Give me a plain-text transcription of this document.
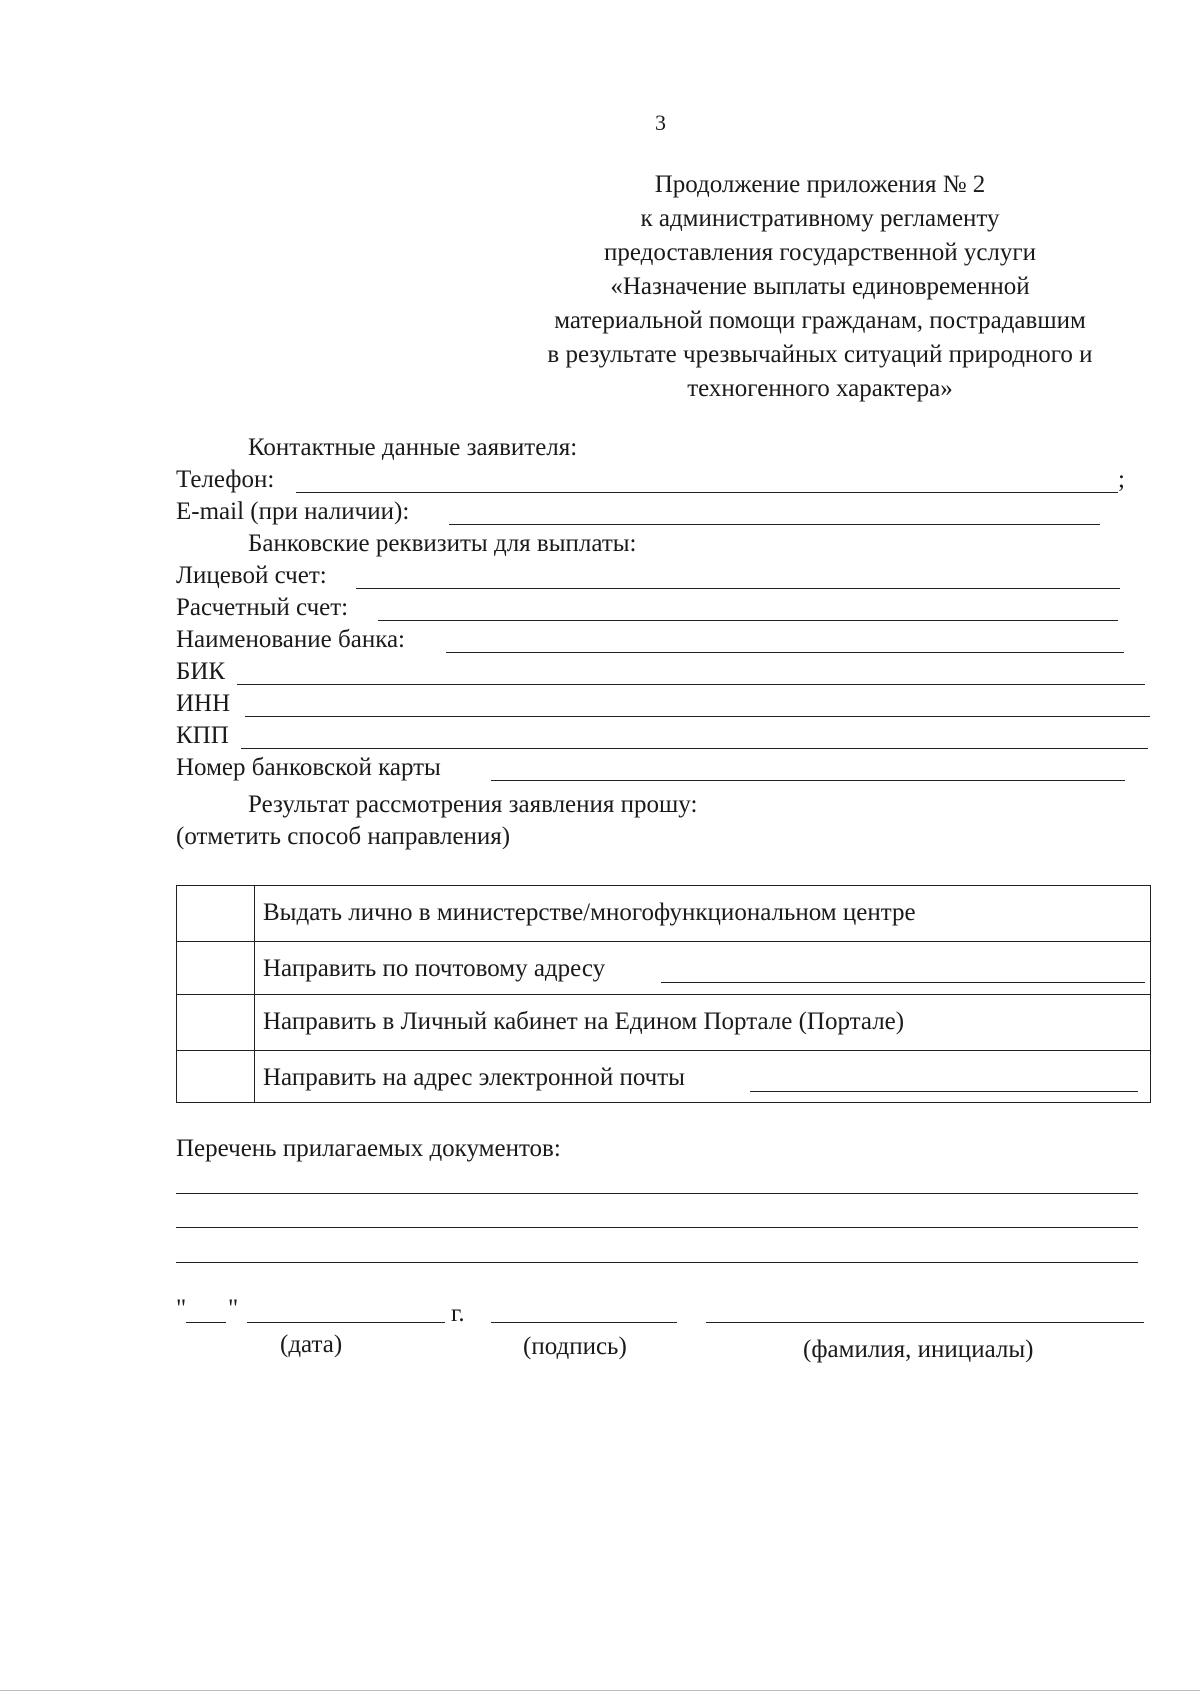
3
Продолжение приложения № 2
к административному регламенту
предоставления государственной услуги
«Назначение выплаты единовременной
материальной помощи гражданам, пострадавшим
в результате чрезвычайных ситуаций природного и
техногенного характера»
Контактные данные заявителя:
Телефон:	;
E-mail (при наличии):
Банковские реквизиты для выплаты:
Лицевой счет:
Расчетный счет:
Наименование банка:
БИК
ИНН
КПП
Номер банковской карты
Результат рассмотрения заявления прошу:
(отметить способ направления)
Выдать лично в министерстве/многофункциональном центре
Направить по почтовому адресу
Направить в Личный кабинет на Едином Портале (Портале)
Направить на адрес электронной почты
Перечень прилагаемых документов:
" "	г.
(дата)	(подпись)	(фамилия, инициалы)
